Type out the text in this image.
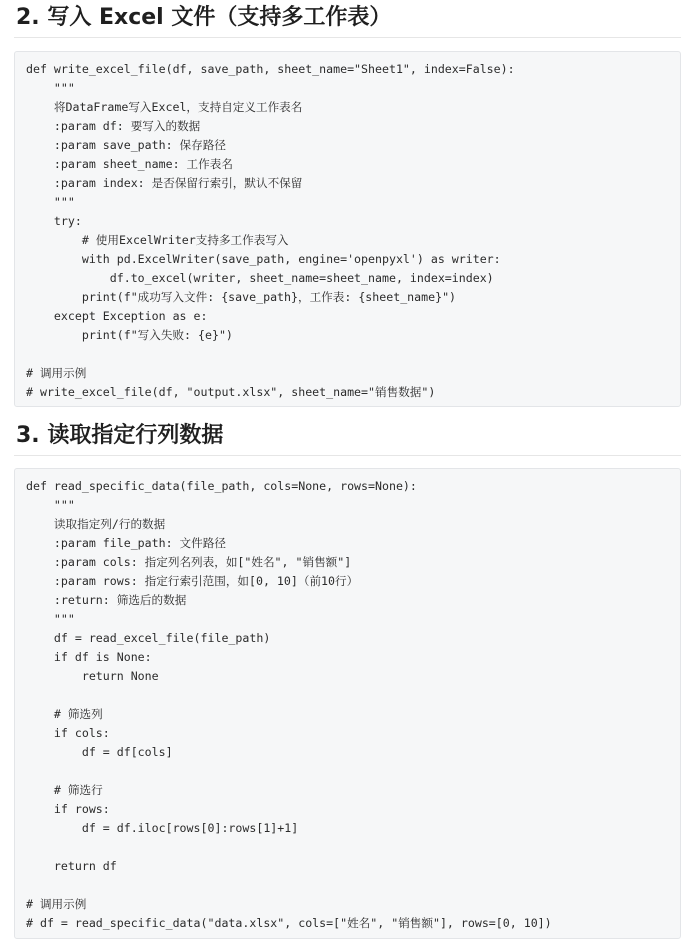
2. 写入 Excel 文件（支持多工作表）
def write_excel_file(df, save_path, sheet_name="Sheet1", index=False):
"""
将DataFrame写入Excel，支持自定义工作表名
:param df: 要写入的数据
:param save_path: 保存路径
:param sheet_name: 工作表名
:param index: 是否保留行索引，默认不保留
"""
try:
# 使用ExcelWriter支持多工作表写入
with pd.ExcelWriter(save_path, engine='openpyxl') as writer:
df.to_excel(writer, sheet_name=sheet_name, index=index)
print(f"成功写入文件: {save_path}，工作表: {sheet_name}")
except Exception as e:
print(f"写入失败: {e}")
# 调用示例
# write_excel_file(df, "output.xlsx", sheet_name="销售数据")
3. 读取指定行列数据
def read_specific_data(file_path, cols=None, rows=None):
"""
读取指定列/行的数据
:param file_path: 文件路径
:param cols: 指定列名列表，如["姓名", "销售额"]
:param rows: 指定行索引范围，如[0, 10]（前10行）
:return: 筛选后的数据
"""
df = read_excel_file(file_path)
if df is None:
return None
# 筛选列
if cols:
df = df[cols]
# 筛选行
if rows:
df = df.iloc[rows[0]:rows[1]+1]
return df
# 调用示例
# df = read_specific_data("data.xlsx", cols=["姓名", "销售额"], rows=[0, 10])
